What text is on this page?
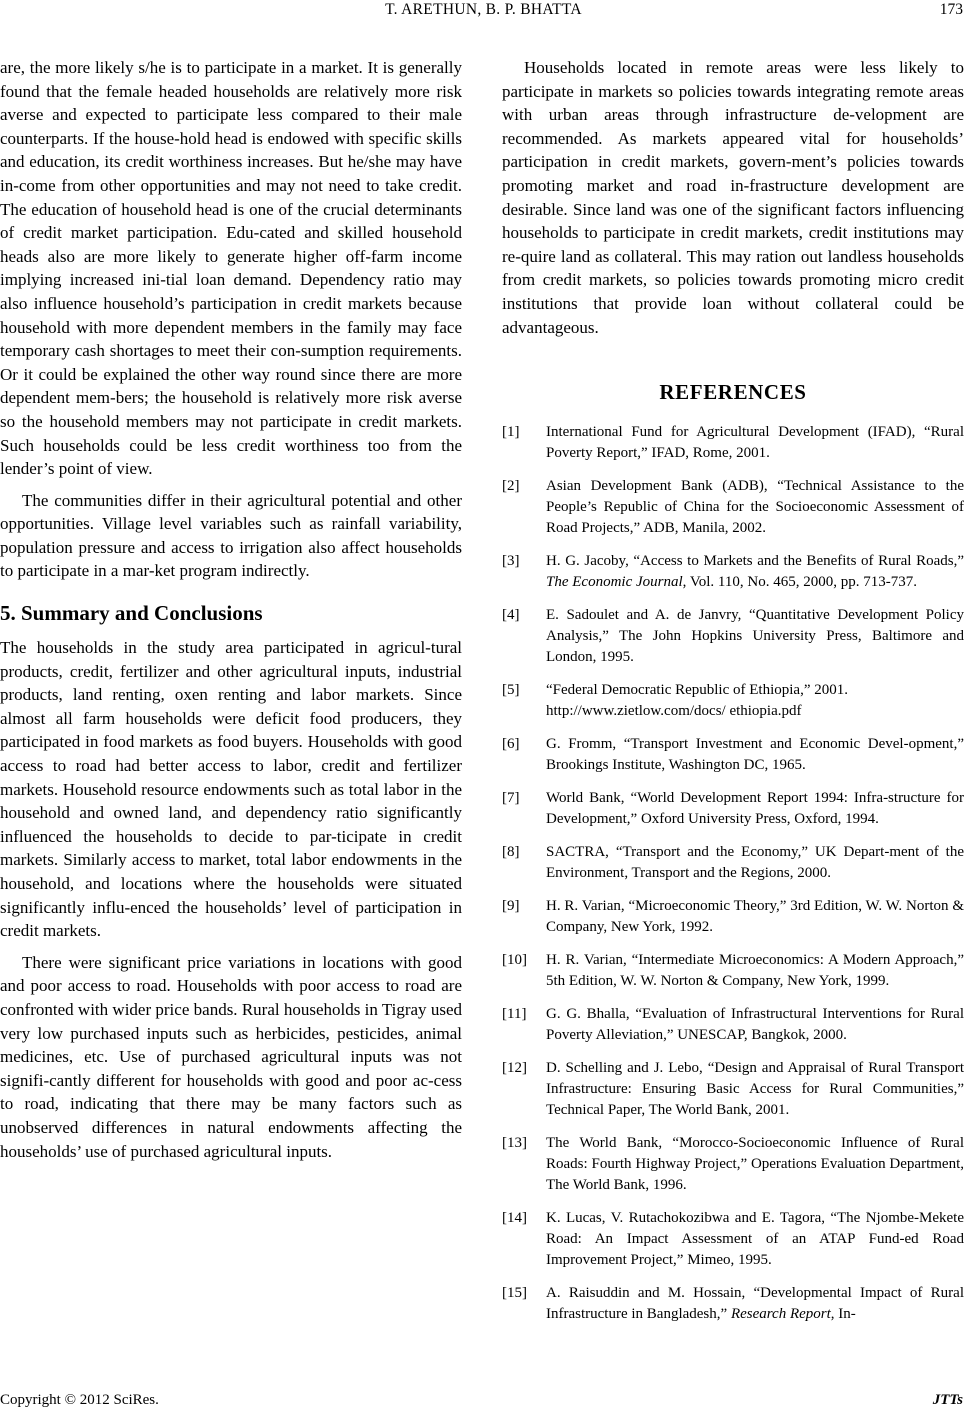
T. ARETHUN, B. P. BHATTA	173

are, the more likely s/he is to participate in a market. It is generally found that the female headed households are relatively more risk averse and expected to participate less compared to their male counterparts. If the house-hold head is endowed with specific skills and education, its credit worthiness increases. But he/she may have in-come from other opportunities and may not need to take credit. The education of household head is one of the crucial determinants of credit market participation. Edu-cated and skilled household heads also are more likely to generate higher off-farm income implying increased ini-tial loan demand. Dependency ratio may also influence household’s participation in credit markets because household with more dependent members in the family may face temporary cash shortages to meet their con-sumption requirements. Or it could be explained the other way round since there are more dependent mem-bers; the household is relatively more risk averse so the household members may not participate in credit markets. Such households could be less credit worthiness too from the lender’s point of view.

The communities differ in their agricultural potential and other opportunities. Village level variables such as rainfall variability, population pressure and access to irrigation also affect households to participate in a mar-ket program indirectly.

5. Summary and Conclusions

The households in the study area participated in agricul-tural products, credit, fertilizer and other agricultural inputs, industrial products, land renting, oxen renting and labor markets. Since almost all farm households were deficit food producers, they participated in food markets as food buyers. Households with good access to road had better access to labor, credit and fertilizer markets. Household resource endowments such as total labor in the household and owned land, and dependency ratio significantly influenced the households to decide to par-ticipate in credit markets. Similarly access to market, total labor endowments in the household, and locations where the households were situated significantly influ-enced the households’ level of participation in credit markets.

There were significant price variations in locations with good and poor access to road. Households with poor access to road are confronted with wider price bands. Rural households in Tigray used very low purchased inputs such as herbicides, pesticides, animal medicines, etc. Use of purchased agricultural inputs was not signifi-cantly different for households with good and poor ac-cess to road, indicating that there may be many factors such as unobserved differences in natural endowments affecting the households’ use of purchased agricultural inputs.

Households located in remote areas were less likely to participate in markets so policies towards integrating remote areas with urban areas through infrastructure de-velopment are recommended. As markets appeared vital for households’ participation in credit markets, govern-ment’s policies towards promoting market and road in-frastructure development are desirable. Since land was one of the significant factors influencing households to participate in credit markets, credit institutions may re-quire land as collateral. This may ration out landless households from credit markets, so policies towards promoting micro credit institutions that provide loan without collateral could be advantageous.

REFERENCES
[1]	International Fund for Agricultural Development (IFAD), “Rural Poverty Report,” IFAD, Rome, 2001.
[2]	Asian Development Bank (ADB), “Technical Assistance to the People’s Republic of China for the Socioeconomic Assessment of Road Projects,” ADB, Manila, 2002.
[3]	H. G. Jacoby, “Access to Markets and the Benefits of Rural Roads,” The Economic Journal, Vol. 110, No. 465, 2000, pp. 713-737.
[4]	E. Sadoulet and A. de Janvry, “Quantitative Development Policy Analysis,” The John Hopkins University Press, Baltimore and London, 1995.
[5]	“Federal Democratic Republic of Ethiopia,” 2001.
http://www.zietlow.com/docs/ ethiopia.pdf
[6]	G. Fromm, “Transport Investment and Economic Devel-opment,” Brookings Institute, Washington DC, 1965.
[7]	World Bank, “World Development Report 1994: Infra-structure for Development,” Oxford University Press, Oxford, 1994.
[8]	SACTRA, “Transport and the Economy,” UK Depart-ment of the Environment, Transport and the Regions, 2000.
[9]	H. R. Varian, “Microeconomic Theory,” 3rd Edition, W. W. Norton & Company, New York, 1992.
[10]	H. R. Varian, “Intermediate Microeconomics: A Modern Approach,” 5th Edition, W. W. Norton & Company, New York, 1999.
[11]	G. G. Bhalla, “Evaluation of Infrastructural Interventions for Rural Poverty Alleviation,” UNESCAP, Bangkok, 2000.
[12]	D. Schelling and J. Lebo, “Design and Appraisal of Rural Transport Infrastructure: Ensuring Basic Access for Rural Communities,” Technical Paper, The World Bank, 2001.
[13]	The World Bank, “Morocco-Socioeconomic Influence of Rural Roads: Fourth Highway Project,” Operations Evaluation Department, The World Bank, 1996.
[14]	K. Lucas, V. Rutachokozibwa and E. Tagora, “The Njombe-Mekete Road: An Impact Assessment of an ATAP Fund-ed Road Improvement Project,” Mimeo, 1995.
[15]	A. Raisuddin and M. Hossain, “Developmental Impact of Rural Infrastructure in Bangladesh,” Research Report, In-
Copyright © 2012 SciRes.	JTTs
